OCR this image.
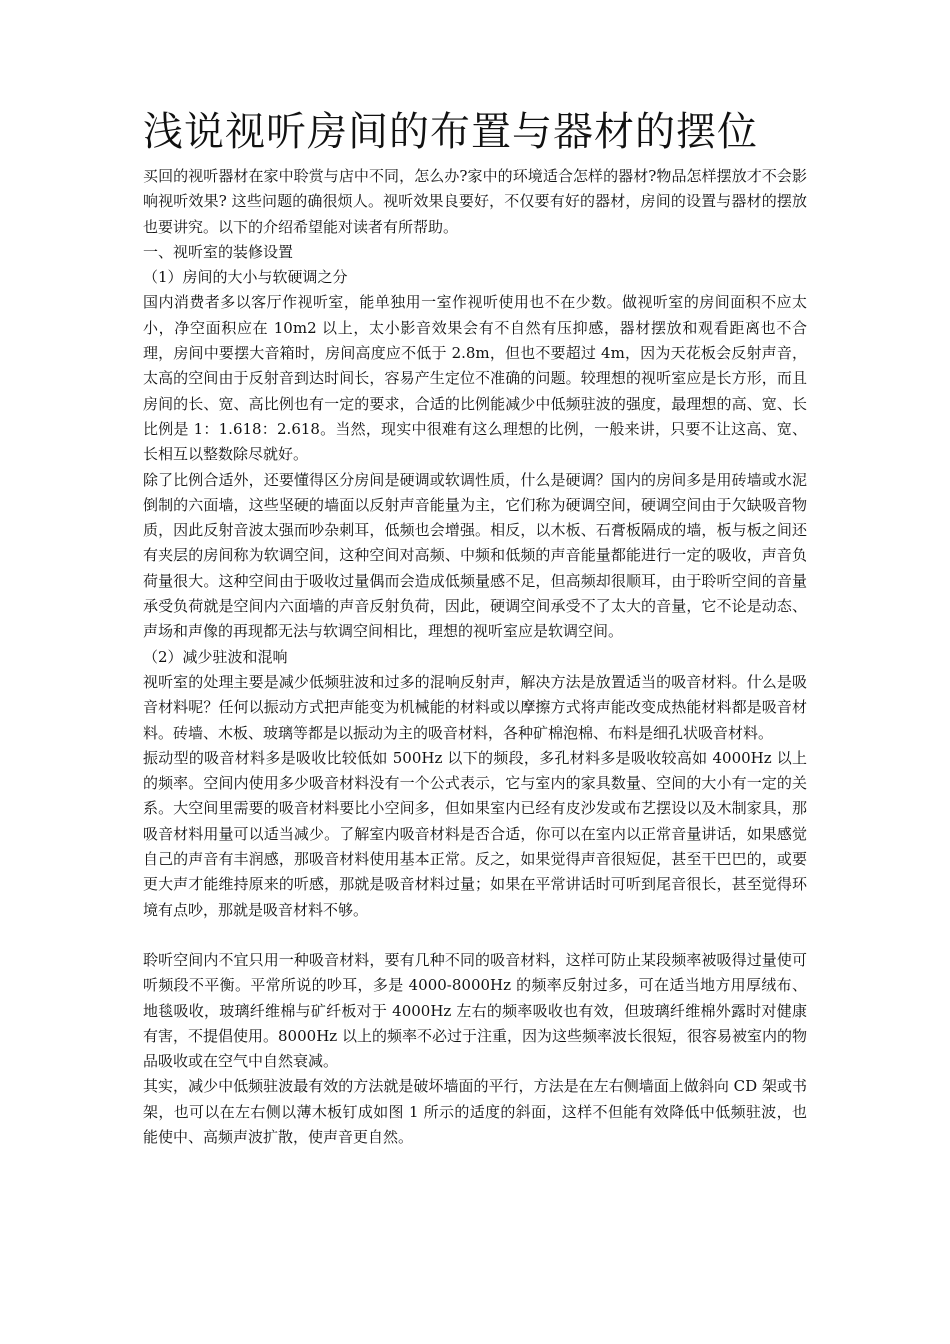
浅说视听房间的布置与器材的摆位

买回的视听器材在家中聆赏与店中不同，怎么办?家中的环境适合怎样的器材?物品怎样摆放才不会影响视听效果? 这些问题的确很烦人。视听效果良要好，不仅要有好的器材，房间的设置与器材的摆放也要讲究。以下的介绍希望能对读者有所帮助。

一、视听室的装修设置

（1）房间的大小与软硬调之分

国内消费者多以客厅作视听室，能单独用一室作视听使用也不在少数。做视听室的房间面积不应太小，净空面积应在 10m2 以上，太小影音效果会有不自然有压抑感，器材摆放和观看距离也不合理，房间中要摆大音箱时，房间高度应不低于 2.8m，但也不要超过 4m，因为天花板会反射声音，太高的空间由于反射音到达时间长，容易产生定位不准确的问题。较理想的视听室应是长方形，而且房间的长、宽、高比例也有一定的要求，合适的比例能减少中低频驻波的强度，最理想的高、宽、长比例是 1：1.618：2.618。当然，现实中很难有这么理想的比例，一般来讲，只要不让这高、宽、长相互以整数除尽就好。

除了比例合适外，还要懂得区分房间是硬调或软调性质，什么是硬调？国内的房间多是用砖墙或水泥倒制的六面墙，这些坚硬的墙面以反射声音能量为主，它们称为硬调空间，硬调空间由于欠缺吸音物质，因此反射音波太强而吵杂刺耳，低频也会增强。相反，以木板、石膏板隔成的墙，板与板之间还有夹层的房间称为软调空间，这种空间对高频、中频和低频的声音能量都能进行一定的吸收，声音负荷量很大。这种空间由于吸收过量偶而会造成低频量感不足，但高频却很顺耳，由于聆听空间的音量承受负荷就是空间内六面墙的声音反射负荷，因此，硬调空间承受不了太大的音量，它不论是动态、声场和声像的再现都无法与软调空间相比，理想的视听室应是软调空间。

（2）减少驻波和混响

视听室的处理主要是减少低频驻波和过多的混响反射声，解决方法是放置适当的吸音材料。什么是吸音材料呢？任何以振动方式把声能变为机械能的材料或以摩擦方式将声能改变成热能材料都是吸音材料。砖墙、木板、玻璃等都是以振动为主的吸音材料，各种矿棉泡棉、布料是细孔状吸音材料。

振动型的吸音材料多是吸收比较低如 500Hz 以下的频段，多孔材料多是吸收较高如 4000Hz 以上的频率。空间内使用多少吸音材料没有一个公式表示，它与室内的家具数量、空间的大小有一定的关系。大空间里需要的吸音材料要比小空间多，但如果室内已经有皮沙发或布艺摆设以及木制家具，那吸音材料用量可以适当减少。了解室内吸音材料是否合适，你可以在室内以正常音量讲话，如果感觉自己的声音有丰润感，那吸音材料使用基本正常。反之，如果觉得声音很短促，甚至干巴巴的，或要更大声才能维持原来的听感，那就是吸音材料过量；如果在平常讲话时可听到尾音很长，甚至觉得环境有点吵，那就是吸音材料不够。

聆听空间内不宜只用一种吸音材料，要有几种不同的吸音材料，这样可防止某段频率被吸得过量使可听频段不平衡。平常所说的吵耳，多是 4000-8000Hz 的频率反射过多，可在适当地方用厚绒布、地毯吸收，玻璃纤维棉与矿纤板对于 4000Hz 左右的频率吸收也有效，但玻璃纤维棉外露时对健康有害，不提倡使用。8000Hz 以上的频率不必过于注重，因为这些频率波长很短，很容易被室内的物品吸收或在空气中自然衰减。

其实，减少中低频驻波最有效的方法就是破坏墙面的平行，方法是在左右侧墙面上做斜向 CD 架或书架，也可以在左右侧以薄木板钉成如图 1 所示的适度的斜面，这样不但能有效降低中低频驻波，也能使中、高频声波扩散，使声音更自然。
